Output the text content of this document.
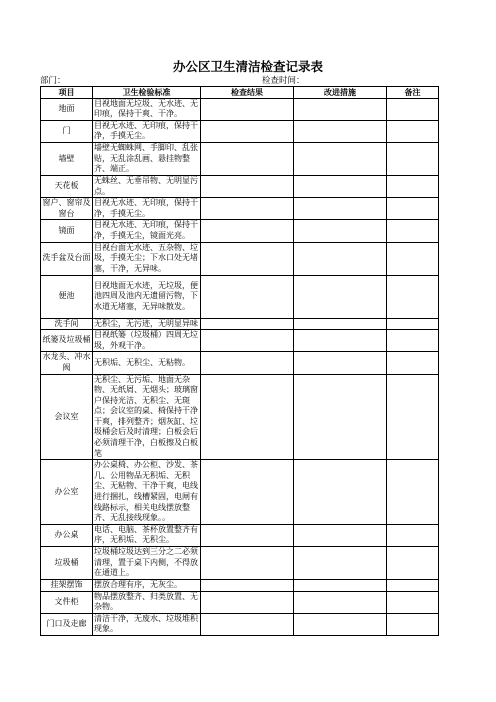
办公区卫生清洁检查记录表
部门：	检查时间：
项目	卫生检验标准	检查结果	改进措施	备注
地面	目视地面无垃圾、无水迹、无印痕，保持干爽、干净。			
门	目视无水迹、无印痕，保持干净，手摸无尘。			
墙壁	墙壁无蜘蛛网、手脚印、乱张贴，无乱涂乱画、悬挂物整齐、端正。			
天花板	无蛛丝、无垂吊物、无明显污点。			
窗户、窗帘及窗台	目视无水迹、无印痕，保持干净，手摸无尘。			
镜面	目视无水迹、无印痕，保持干净，手摸无尘，镜面光亮。			
洗手盆及台面	目视台面无水迹、五杂物、垃圾，手摸无尘；下水口处无堵塞，干净，无异味。			
便池	目视地面无水迹，无垃圾，便池四周及池内无遗留污物，下水道无堵塞，无异味散发。			
洗手间	无积尘，无污迹，无明显异味			
纸篓及垃圾桶	目视纸篓（垃圾桶）四周无垃圾，外观干净。			
水龙头、冲水阀	无积垢、无积尘、无粘物。			
会议室	无积尘、无污垢、地面无杂物、无纸屑、无烟头；玻璃窗户保持光洁、无积尘、无斑点；会议室的桌、椅保持干净干爽，排列整齐；烟灰缸、垃圾桶会后及时清理；白板会后必须清理干净，白板擦及白板笔			
办公室	办公桌椅、办公柜、沙发、茶几、公用物品无积垢、无积尘、无粘物、干净干爽，电线进行捆扎，线槽紧固，电闸有线路标示，相关电线摆放整齐、无乱接线现象。。			
办公桌	电话、电脑、茶杯放置整齐有序，无积垢、无积尘。			
垃圾桶	垃圾桶垃圾达到三分之二必须清理，置于桌下内侧，不得放在通道上。			
挂架摆饰	摆放合理有序，无灰尘。			
文件柜	物品摆放整齐、归类放置、无杂物。			
门口及走廊	清洁干净，无废水、垃圾堆积现象。			
